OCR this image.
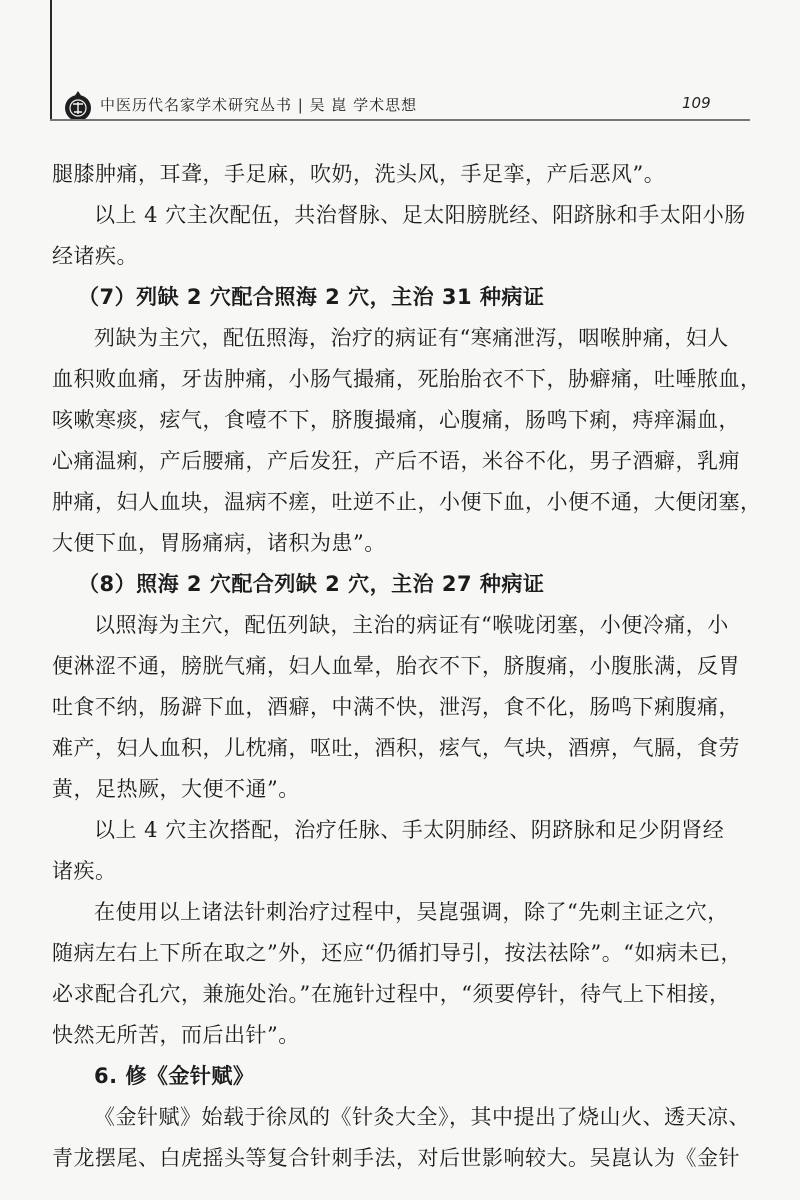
中医历代名家学术研究丛书 | 吴 崑 学术思想	109
腿膝肿痛，耳聋，手足麻，吹奶，洗头风，手足挛，产后恶风”。
以上 4 穴主次配伍，共治督脉、足太阳膀胱经、阳跻脉和手太阳小肠
经诸疾。
（7）列缺 2 穴配合照海 2 穴，主治 31 种病证
列缺为主穴，配伍照海，治疗的病证有“寒痛泄泻，咽喉肿痛，妇人
血积败血痛，牙齿肿痛，小肠气撮痛，死胎胎衣不下，胁癖痛，吐唾脓血，
咳嗽寒痰，痃气，食噎不下，脐腹撮痛，心腹痛，肠鸣下痢，痔痒漏血，
心痛温痢，产后腰痛，产后发狂，产后不语，米谷不化，男子酒癖，乳痈
肿痛，妇人血块，温病不瘥，吐逆不止，小便下血，小便不通，大便闭塞，
大便下血，胃肠痛病，诸积为患”。
（8）照海 2 穴配合列缺 2 穴，主治 27 种病证
以照海为主穴，配伍列缺，主治的病证有“喉咙闭塞，小便冷痛，小
便淋涩不通，膀胱气痛，妇人血晕，胎衣不下，脐腹痛，小腹胀满，反胃
吐食不纳，肠澼下血，酒癖，中满不快，泄泻，食不化，肠鸣下痢腹痛，
难产，妇人血积，儿枕痛，呕吐，酒积，痃气，气块，酒痹，气膈，食劳
黄，足热厥，大便不通”。
以上 4 穴主次搭配，治疗任脉、手太阴肺经、阴跻脉和足少阴肾经
诸疾。
在使用以上诸法针刺治疗过程中，吴崑强调，除了“先刺主证之穴，
随病左右上下所在取之”外，还应“仍循扪导引，按法祛除”。“如病未已，
必求配合孔穴，兼施处治。”在施针过程中，“须要停针，待气上下相接，
快然无所苦，而后出针”。
6. 修《金针赋》
《金针赋》始载于徐凤的《针灸大全》，其中提出了烧山火、透天凉、
青龙摆尾、白虎摇头等复合针刺手法，对后世影响较大。吴崑认为《金针
